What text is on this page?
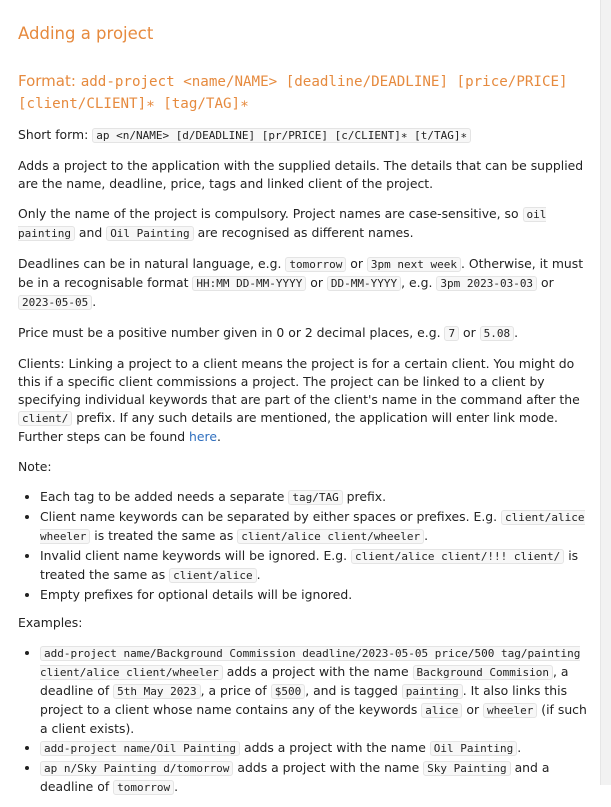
Adding a project
Format: add-project <name/NAME> [deadline/DEADLINE] [price/PRICE] [client/CLIENT]∗ [tag/TAG]∗

Short form: ap <n/NAME> [d/DEADLINE] [pr/PRICE] [c/CLIENT]∗ [t/TAG]∗

Adds a project to the application with the supplied details. The details that can be supplied are the name, deadline, price, tags and linked client of the project.

Only the name of the project is compulsory. Project names are case-sensitive, so oil painting and Oil Painting are recognised as different names.

Deadlines can be in natural language, e.g. tomorrow or 3pm next week . Otherwise, it must be in a recognisable format HH:MM DD-MM-YYYY or DD-MM-YYYY , e.g. 3pm 2023-03-03 or 2023-05-05 .

Price must be a positive number given in 0 or 2 decimal places, e.g. 7 or 5.08 .

Clients: Linking a project to a client means the project is for a certain client. You might do this if a specific client commissions a project. The project can be linked to a client by specifying individual keywords that are part of the client's name in the command after the client/ prefix. If any such details are mentioned, the application will enter link mode. Further steps can be found here.

Note:

• Each tag to be added needs a separate tag/TAG prefix.
• Client name keywords can be separated by either spaces or prefixes. E.g. client/alice wheeler is treated the same as client/alice client/wheeler .
• Invalid client name keywords will be ignored. E.g. client/alice client/!!! client/ is treated the same as client/alice .
• Empty prefixes for optional details will be ignored.

Examples:

• add-project name/Background Commission deadline/2023-05-05 price/500 tag/painting client/alice client/wheeler adds a project with the name Background Commision , a deadline of 5th May 2023 , a price of $500 , and is tagged painting . It also links this project to a client whose name contains any of the keywords alice or wheeler (if such a client exists).
• add-project name/Oil Painting adds a project with the name Oil Painting .
• ap n/Sky Painting d/tomorrow adds a project with the name Sky Painting and a deadline of tomorrow .
